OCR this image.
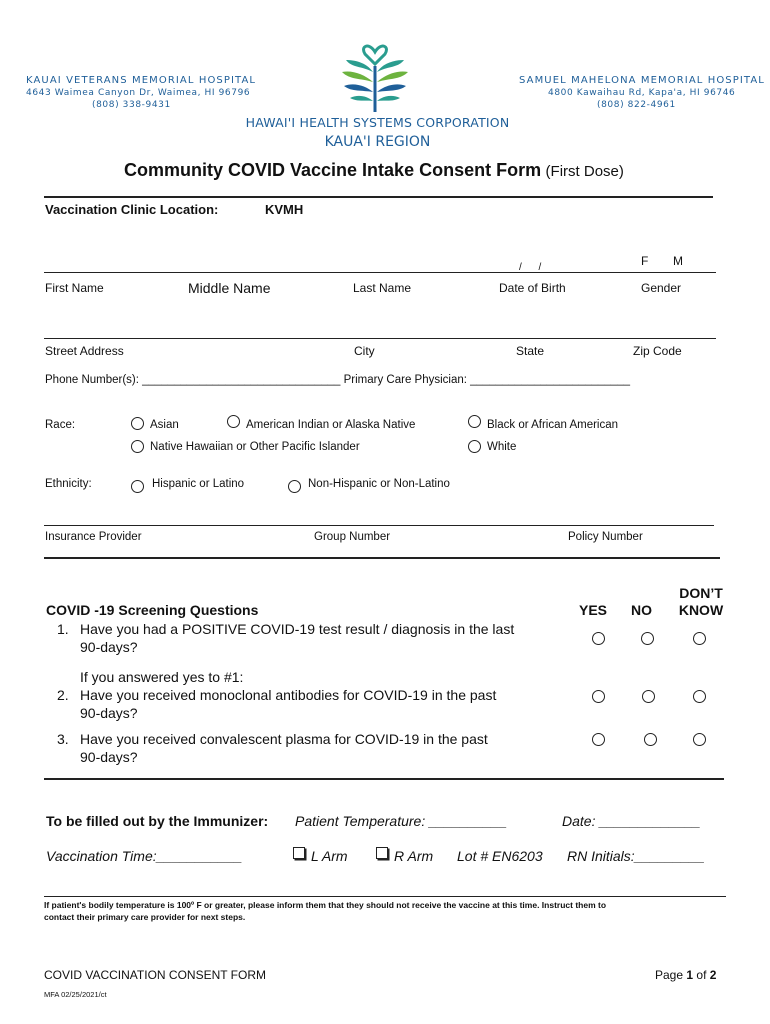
KAUAI VETERANS MEMORIAL HOSPITAL
4643 Waimea Canyon Dr, Waimea, HI 96796
(808) 338-9431
SAMUEL MAHELONA MEMORIAL HOSPITAL
4800 Kawaihau Rd, Kapa'a, HI 96746
(808) 822-4961
HAWAI'I HEALTH SYSTEMS CORPORATION
KAUA'I REGION
Community COVID Vaccine Intake Consent Form (First Dose)
Vaccination Clinic Location:	KVMH
F M
/      /
First Name	Middle Name	Last Name	Date of Birth	Gender
Street Address	City	State	Zip Code
Phone Number(s): _______________________________ Primary Care Physician: _________________________
Race:	Asian	American Indian or Alaska Native	Black or African American
Native Hawaiian or Other Pacific Islander	White
Ethnicity:	Hispanic or Latino	Non-Hispanic or Non-Latino
Insurance Provider	Group Number	Policy Number
DON’T
COVID -19 Screening Questions	YES NO KNOW
1. Have you had a POSITIVE COVID-19 test result / diagnosis in the last
90-days?
If you answered yes to #1:
2. Have you received monoclonal antibodies for COVID-19 in the past
90-days?
3. Have you received convalescent plasma for COVID-19 in the past
90-days?
To be filled out by the Immunizer: Patient Temperature: __________	Date: _____________
Vaccination Time:___________	L Arm	R Arm Lot # EN6203 RN Initials:_________
If patient's bodily temperature is 100º F or greater, please inform them that they should not receive the vaccine at this time. Instruct them to
contact their primary care provider for next steps.
COVID VACCINATION CONSENT FORM	Page 1 of 2
MFA 02/25/2021/ct
